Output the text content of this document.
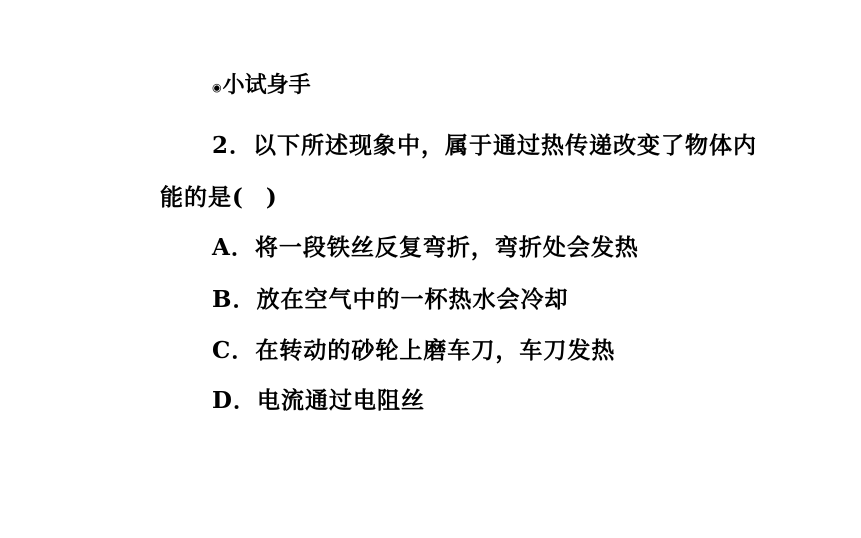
◉小试身手
2．以下所述现象中，属于通过热传递改变了物体内
能的是( )
A．将一段铁丝反复弯折，弯折处会发热
B．放在空气中的一杯热水会冷却
C．在转动的砂轮上磨车刀，车刀发热
D．电流通过电阻丝
